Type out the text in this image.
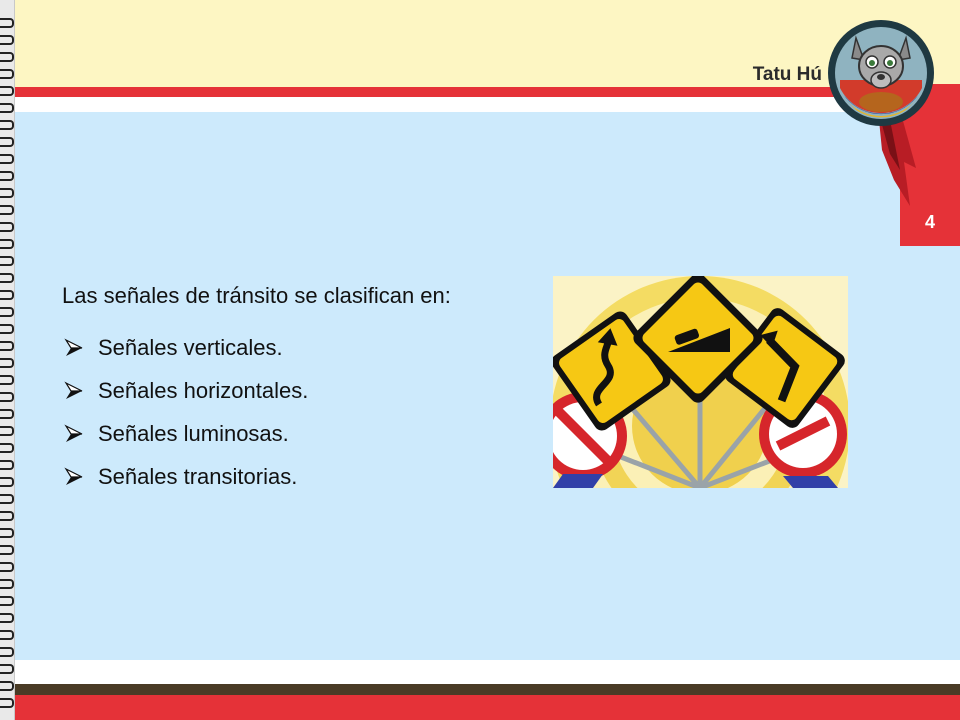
4
Tatu Hú

Las señales de tránsito se clasifican en:

Señales verticales.
Señales horizontales.
Señales luminosas.
Señales transitorias.
